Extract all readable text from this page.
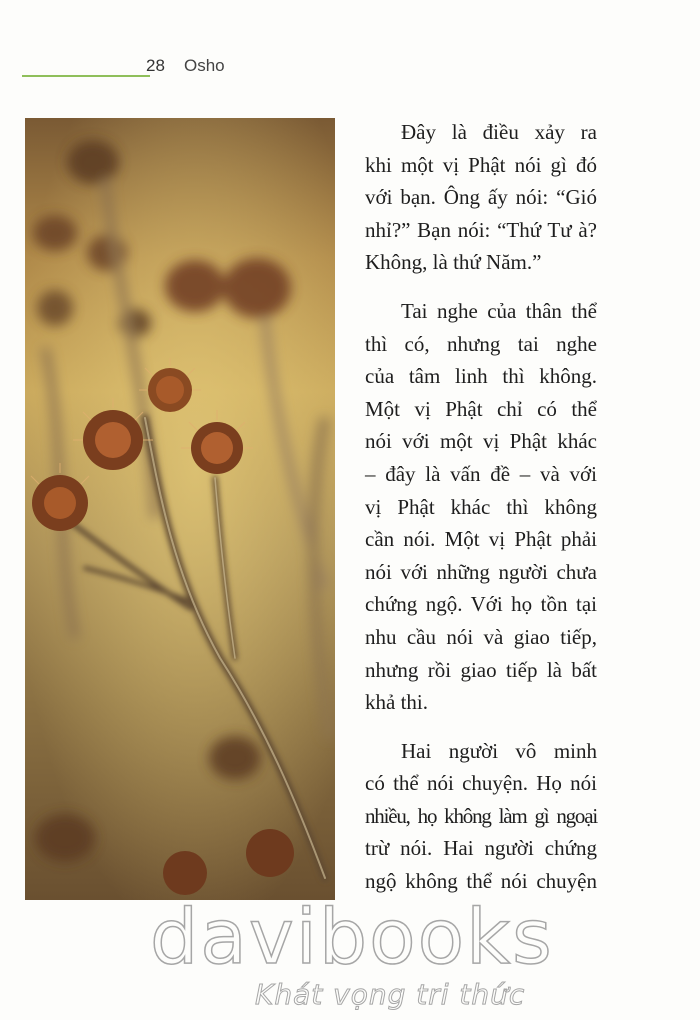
28 Osho
Đây là điều xảy ra
khi một vị Phật nói gì đó
với bạn. Ông ấy nói: “Gió
nhỉ?” Bạn nói: “Thứ Tư à?
Không, là thứ Năm.”
Tai nghe của thân thể
thì có, nhưng tai nghe
của tâm linh thì không.
Một vị Phật chỉ có thể
nói với một vị Phật khác
– đây là vấn đề – và với
vị Phật khác thì không
cần nói. Một vị Phật phải
nói với những người chưa
chứng ngộ. Với họ tồn tại
nhu cầu nói và giao tiếp,
nhưng rồi giao tiếp là bất
khả thi.
Hai người vô minh
có thể nói chuyện. Họ nói
nhiều, họ không làm gì ngoại
trừ nói. Hai người chứng
ngộ không thể nói chuyện
davibooks
Khát vọng tri thức
